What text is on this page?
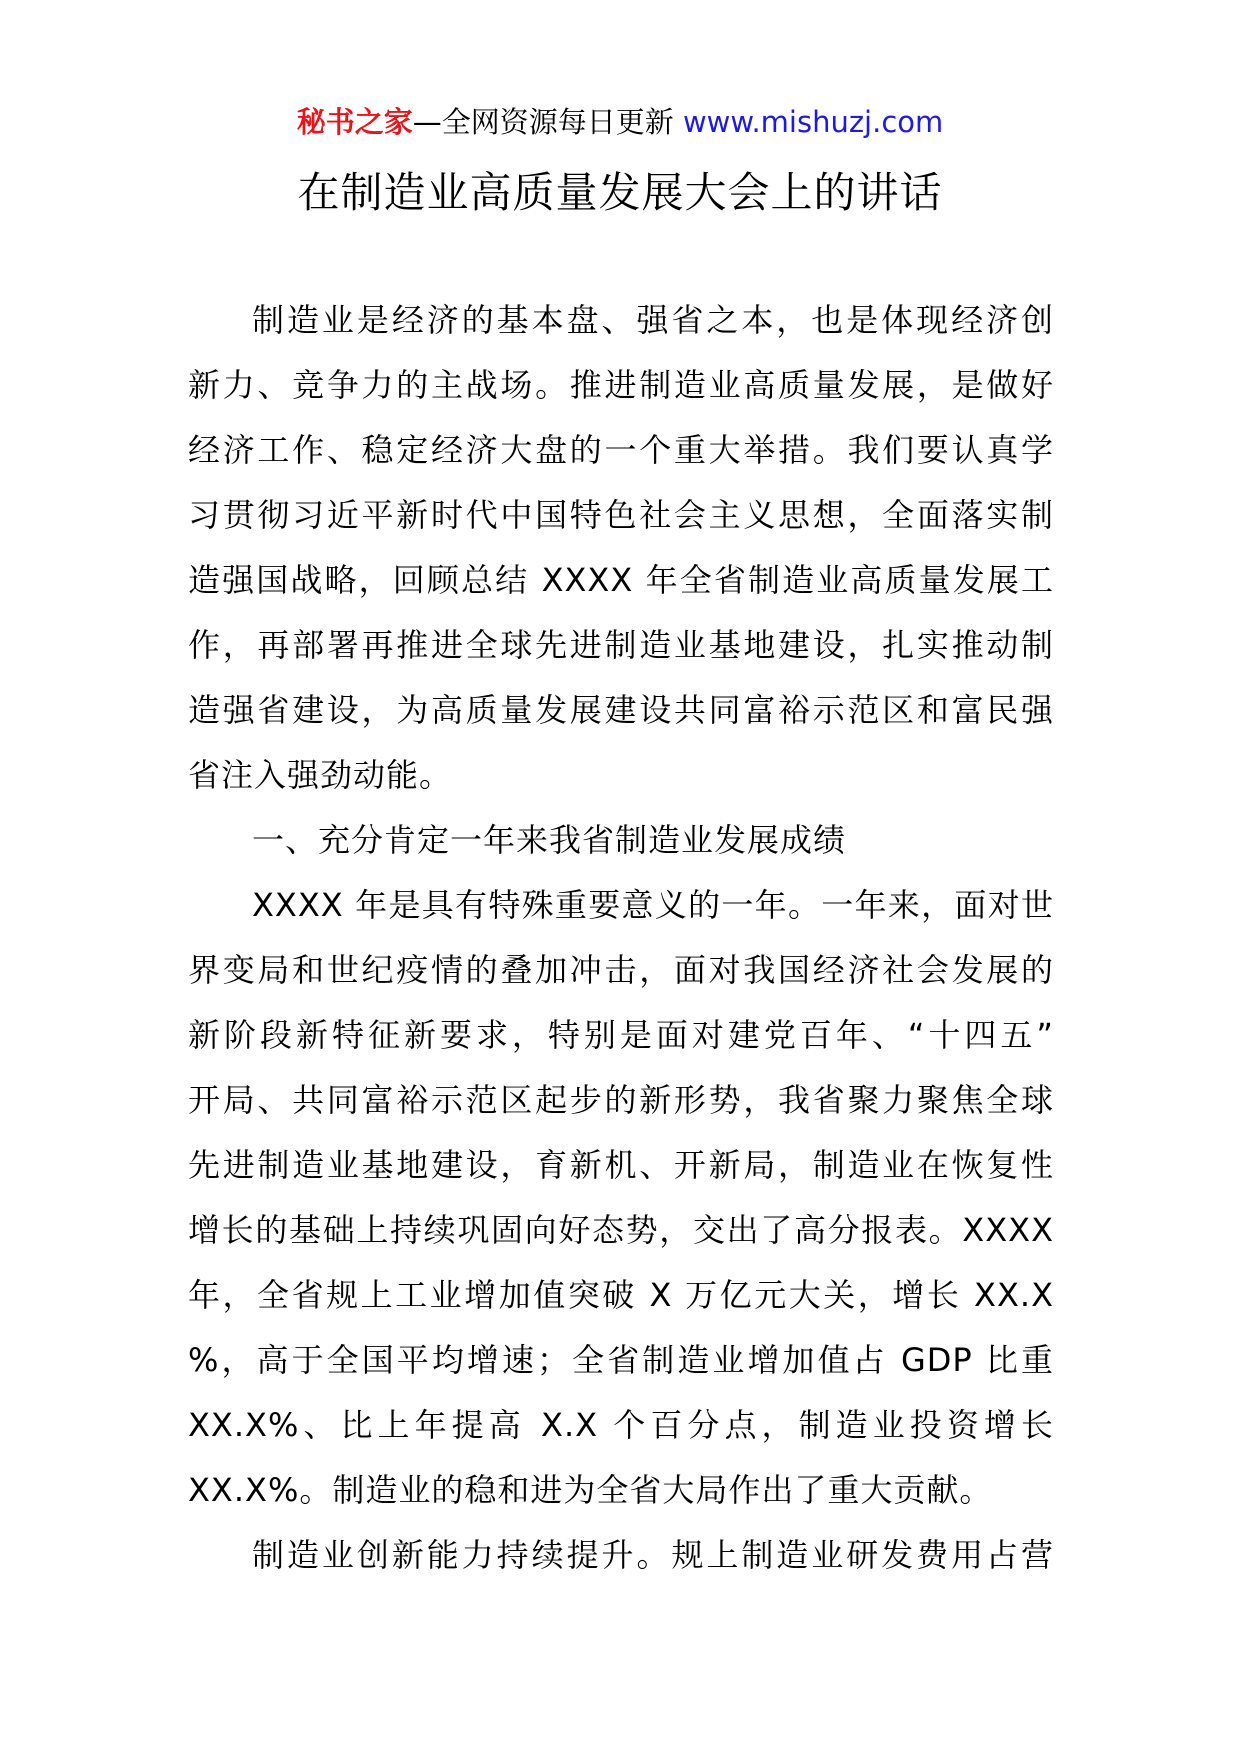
秘书之家—全网资源每日更新 www.mishuzj.com
在制造业高质量发展大会上的讲话

制造业是经济的基本盘、强省之本，也是体现经济创
新力、竞争力的主战场。推进制造业高质量发展，是做好
经济工作、稳定经济大盘的一个重大举措。我们要认真学
习贯彻习近平新时代中国特色社会主义思想，全面落实制
造强国战略，回顾总结 XXXX 年全省制造业高质量发展工
作，再部署再推进全球先进制造业基地建设，扎实推动制
造强省建设，为高质量发展建设共同富裕示范区和富民强
省注入强劲动能。

一、充分肯定一年来我省制造业发展成绩

XXXX 年是具有特殊重要意义的一年。一年来，面对世
界变局和世纪疫情的叠加冲击，面对我国经济社会发展的
新阶段新特征新要求，特别是面对建党百年、“十四五”
开局、共同富裕示范区起步的新形势，我省聚力聚焦全球
先进制造业基地建设，育新机、开新局，制造业在恢复性
增长的基础上持续巩固向好态势，交出了高分报表。XXXX
年，全省规上工业增加值突破 X 万亿元大关，增长 XX.X
%，高于全国平均增速；全省制造业增加值占 GDP 比重
XX.X%、比上年提高 X.X 个百分点，制造业投资增长
XX.X%。制造业的稳和进为全省大局作出了重大贡献。

制造业创新能力持续提升。规上制造业研发费用占营
